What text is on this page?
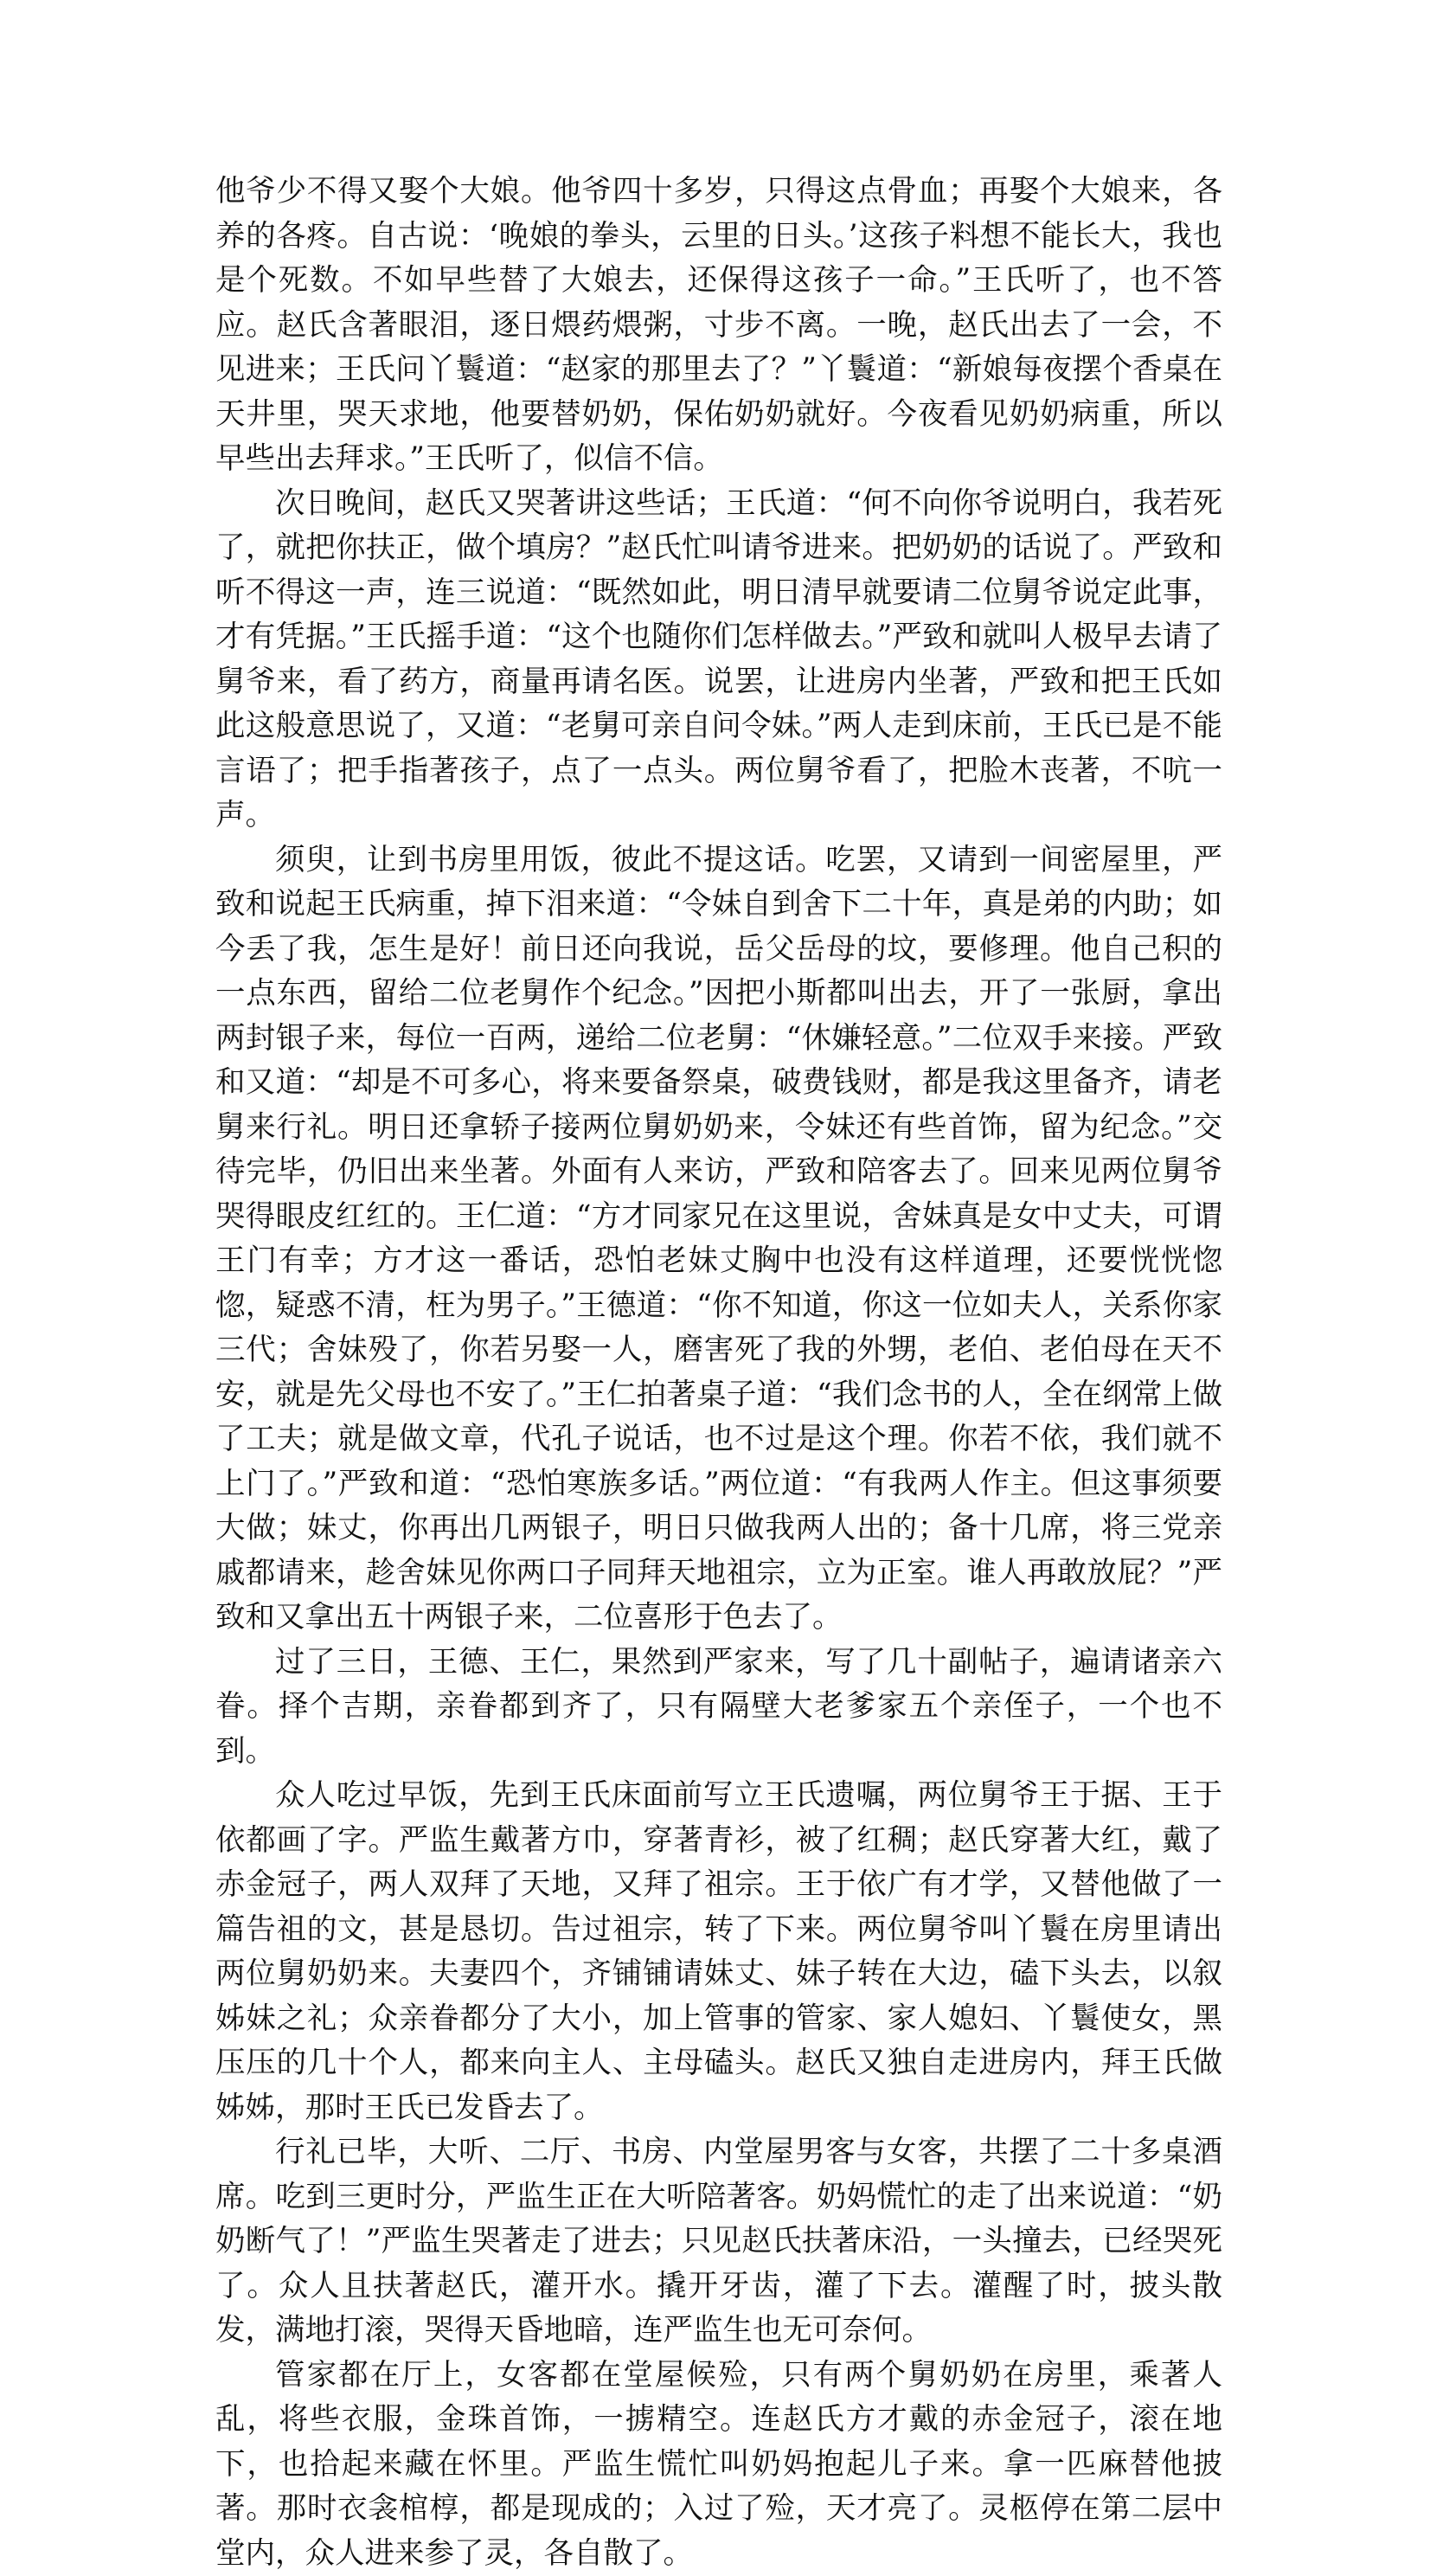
他爷少不得又娶个大娘。他爷四十多岁，只得这点骨血；再娶个大娘来，各养的各疼。自古说：‘晚娘的拳头，云里的日头。’这孩子料想不能长大，我也是个死数。不如早些替了大娘去，还保得这孩子一命。”王氏听了，也不答应。赵氏含著眼泪，逐日煨药煨粥，寸步不离。一晚，赵氏出去了一会，不见进来；王氏问丫鬟道：“赵家的那里去了？”丫鬟道：“新娘每夜摆个香桌在天井里，哭天求地，他要替奶奶，保佑奶奶就好。今夜看见奶奶病重，所以早些出去拜求。”王氏听了，似信不信。

次日晚间，赵氏又哭著讲这些话；王氏道：“何不向你爷说明白，我若死了，就把你扶正，做个填房？”赵氏忙叫请爷进来。把奶奶的话说了。严致和听不得这一声，连三说道：“既然如此，明日清早就要请二位舅爷说定此事，才有凭据。”王氏摇手道：“这个也随你们怎样做去。”严致和就叫人极早去请了舅爷来，看了药方，商量再请名医。说罢，让进房内坐著，严致和把王氏如此这般意思说了，又道：“老舅可亲自问令妹。”两人走到床前，王氏已是不能言语了；把手指著孩子，点了一点头。两位舅爷看了，把脸木丧著，不吭一声。

须臾，让到书房里用饭，彼此不提这话。吃罢，又请到一间密屋里，严致和说起王氏病重，掉下泪来道：“令妹自到舍下二十年，真是弟的内助；如今丢了我，怎生是好！前日还向我说，岳父岳母的坟，要修理。他自己积的一点东西，留给二位老舅作个纪念。”因把小斯都叫出去，开了一张厨，拿出两封银子来，每位一百两，递给二位老舅：“休嫌轻意。”二位双手来接。严致和又道：“却是不可多心，将来要备祭桌，破费钱财，都是我这里备齐，请老舅来行礼。明日还拿轿子接两位舅奶奶来，令妹还有些首饰，留为纪念。”交待完毕，仍旧出来坐著。外面有人来访，严致和陪客去了。回来见两位舅爷哭得眼皮红红的。王仁道：“方才同家兄在这里说，舍妹真是女中丈夫，可谓王门有幸；方才这一番话，恐怕老妹丈胸中也没有这样道理，还要恍恍惚惚，疑惑不清，枉为男子。”王德道：“你不知道，你这一位如夫人，关系你家三代；舍妹殁了，你若另娶一人，磨害死了我的外甥，老伯、老伯母在天不安，就是先父母也不安了。”王仁拍著桌子道：“我们念书的人，全在纲常上做了工夫；就是做文章，代孔子说话，也不过是这个理。你若不依，我们就不上门了。”严致和道：“恐怕寒族多话。”两位道：“有我两人作主。但这事须要大做；妹丈，你再出几两银子，明日只做我两人出的；备十几席，将三党亲戚都请来，趁舍妹见你两口子同拜天地祖宗，立为正室。谁人再敢放屁？”严致和又拿出五十两银子来，二位喜形于色去了。

过了三日，王德、王仁，果然到严家来，写了几十副帖子，遍请诸亲六眷。择个吉期，亲眷都到齐了，只有隔壁大老爹家五个亲侄子，一个也不到。

众人吃过早饭，先到王氏床面前写立王氏遗嘱，两位舅爷王于据、王于依都画了字。严监生戴著方巾，穿著青衫，被了红稠；赵氏穿著大红，戴了赤金冠子，两人双拜了天地，又拜了祖宗。王于依广有才学，又替他做了一篇告祖的文，甚是恳切。告过祖宗，转了下来。两位舅爷叫丫鬟在房里请出两位舅奶奶来。夫妻四个，齐铺铺请妹丈、妹子转在大边，磕下头去，以叙姊妹之礼；众亲眷都分了大小，加上管事的管家、家人媳妇、丫鬟使女，黑压压的几十个人，都来向主人、主母磕头。赵氏又独自走进房内，拜王氏做姊姊，那时王氏已发昏去了。

行礼已毕，大听、二厅、书房、内堂屋男客与女客，共摆了二十多桌酒席。吃到三更时分，严监生正在大听陪著客。奶妈慌忙的走了出来说道：“奶奶断气了！”严监生哭著走了进去；只见赵氏扶著床沿，一头撞去，已经哭死了。众人且扶著赵氏，灌开水。撬开牙齿，灌了下去。灌醒了时，披头散发，满地打滚，哭得天昏地暗，连严监生也无可奈何。

管家都在厅上，女客都在堂屋候殓，只有两个舅奶奶在房里，乘著人乱，将些衣服，金珠首饰，一掳精空。连赵氏方才戴的赤金冠子，滚在地下，也拾起来藏在怀里。严监生慌忙叫奶妈抱起儿子来。拿一匹麻替他披著。那时衣衾棺椁，都是现成的；入过了殓，天才亮了。灵柩停在第二层中堂内，众人进来参了灵，各自散了。
